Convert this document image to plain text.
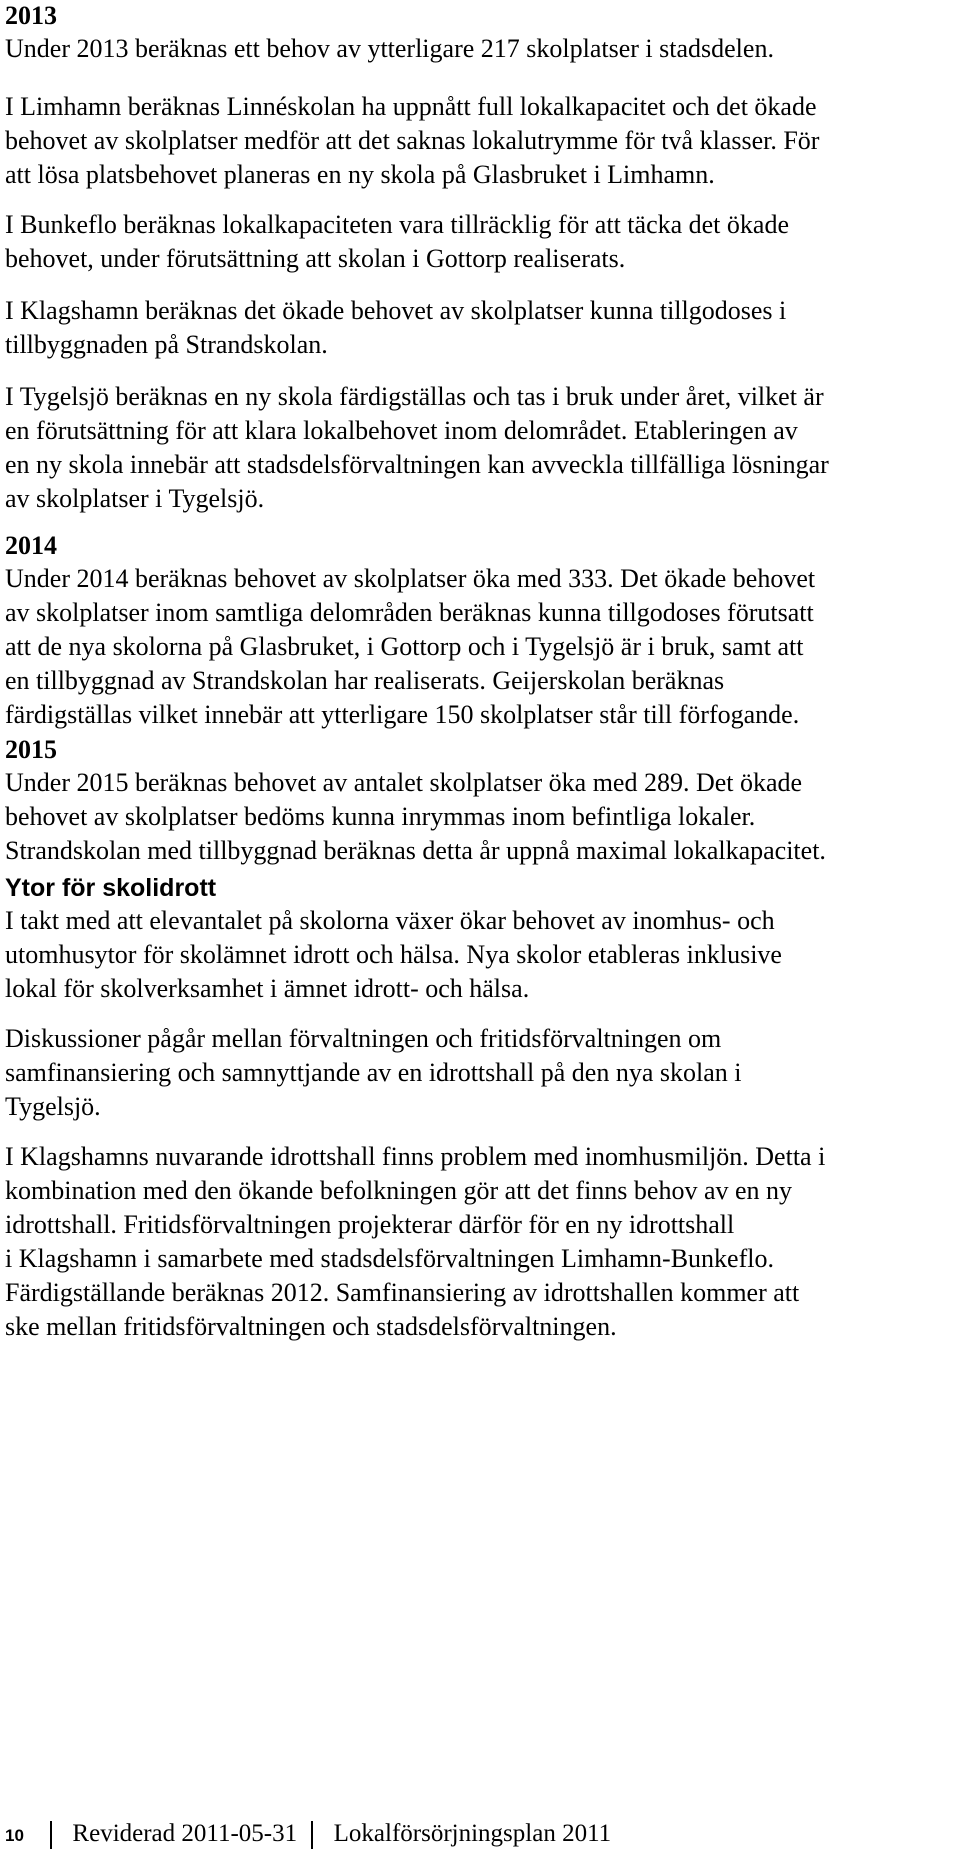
2013

Under 2013 beräknas ett behov av ytterligare 217 skolplatser i stadsdelen.

I Limhamn beräknas Linnéskolan ha uppnått full lokalkapacitet och det ökade
behovet av skolplatser medför att det saknas lokalutrymme för två klasser. För
att lösa platsbehovet planeras en ny skola på Glasbruket i Limhamn.

I Bunkeflo beräknas lokalkapaciteten vara tillräcklig för att täcka det ökade
behovet, under förutsättning att skolan i Gottorp realiserats.

I Klagshamn beräknas det ökade behovet av skolplatser kunna tillgodoses i
tillbyggnaden på Strandskolan.

I Tygelsjö beräknas en ny skola färdigställas och tas i bruk under året, vilket är
en förutsättning för att klara lokalbehovet inom delområdet. Etableringen av
en ny skola innebär att stadsdelsförvaltningen kan avveckla tillfälliga lösningar
av skolplatser i Tygelsjö.

2014

Under 2014 beräknas behovet av skolplatser öka med 333. Det ökade behovet
av skolplatser inom samtliga delområden beräknas kunna tillgodoses förutsatt
att de nya skolorna på Glasbruket, i Gottorp och i Tygelsjö är i bruk, samt att
en tillbyggnad av Strandskolan har realiserats. Geijerskolan beräknas
färdigställas vilket innebär att ytterligare 150 skolplatser står till förfogande.

2015

Under 2015 beräknas behovet av antalet skolplatser öka med 289. Det ökade
behovet av skolplatser bedöms kunna inrymmas inom befintliga lokaler.
Strandskolan med tillbyggnad beräknas detta år uppnå maximal lokalkapacitet.

Ytor för skolidrott

I takt med att elevantalet på skolorna växer ökar behovet av inomhus- och
utomhusytor för skolämnet idrott och hälsa. Nya skolor etableras inklusive
lokal för skolverksamhet i ämnet idrott- och hälsa.

Diskussioner pågår mellan förvaltningen och fritidsförvaltningen om
samfinansiering och samnyttjande av en idrottshall på den nya skolan i
Tygelsjö.

I Klagshamns nuvarande idrottshall finns problem med inomhusmiljön. Detta i
kombination med den ökande befolkningen gör att det finns behov av en ny
idrottshall. Fritidsförvaltningen projekterar därför för en ny idrottshall
i Klagshamn i samarbete med stadsdelsförvaltningen Limhamn-Bunkeflo.
Färdigställande beräknas 2012. Samfinansiering av idrottshallen kommer att
ske mellan fritidsförvaltningen och stadsdelsförvaltningen.

10 Reviderad 2011-05-31 Lokalförsörjningsplan 2011
